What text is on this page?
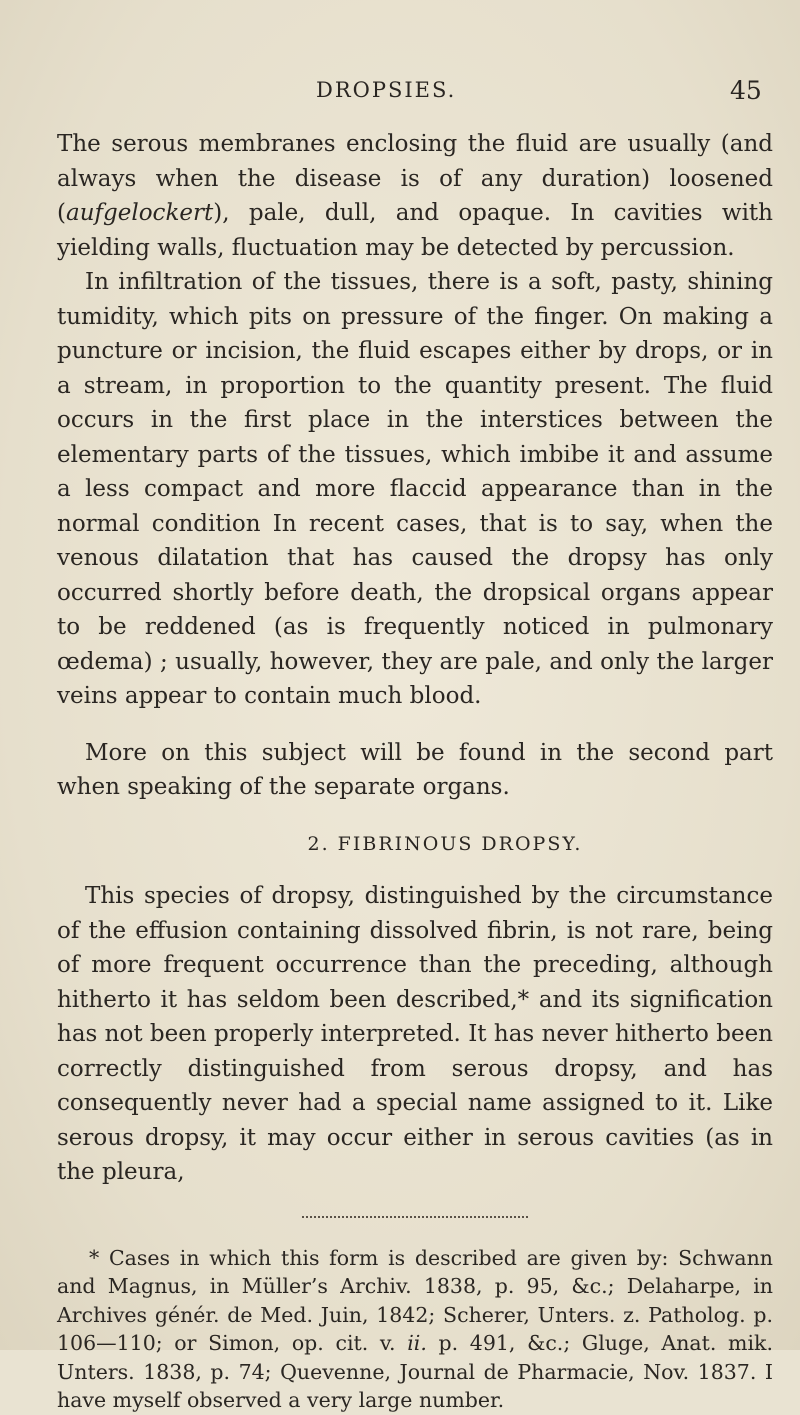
DROPSIES.	45

The serous membranes enclosing the fluid are usually (and always when the disease is of any duration) loosened (aufgelockert), pale, dull, and opaque. In cavities with yielding walls, fluctuation may be detected by percussion.

In infiltration of the tissues, there is a soft, pasty, shining tumidity, which pits on pressure of the finger. On making a puncture or incision, the fluid escapes either by drops, or in a stream, in proportion to the quantity present. The fluid occurs in the first place in the interstices between the elementary parts of the tissues, which imbibe it and assume a less compact and more flaccid appearance than in the normal condition In recent cases, that is to say, when the venous dilatation that has caused the dropsy has only occurred shortly before death, the dropsical organs appear to be reddened (as is frequently noticed in pulmonary œdema) ; usually, however, they are pale, and only the larger veins appear to contain much blood.

More on this subject will be found in the second part when speaking of the separate organs.

2. FIBRINOUS DROPSY.

This species of dropsy, distinguished by the circumstance of the effusion containing dissolved fibrin, is not rare, being of more frequent occurrence than the preceding, although hitherto it has seldom been described,* and its signification has not been properly interpreted. It has never hitherto been correctly distinguished from serous dropsy, and has consequently never had a special name assigned to it. Like serous dropsy, it may occur either in serous cavities (as in the pleura,

* Cases in which this form is described are given by: Schwann and Magnus, in Müller’s Archiv. 1838, p. 95, &c.; Delaharpe, in Archives génér. de Med. Juin, 1842; Scherer, Unters. z. Patholog. p. 106—110; or Simon, op. cit. v. ii. p. 491, &c.; Gluge, Anat. mik. Unters. 1838, p. 74; Quevenne, Journal de Pharmacie, Nov. 1837. I have myself observed a very large number.
